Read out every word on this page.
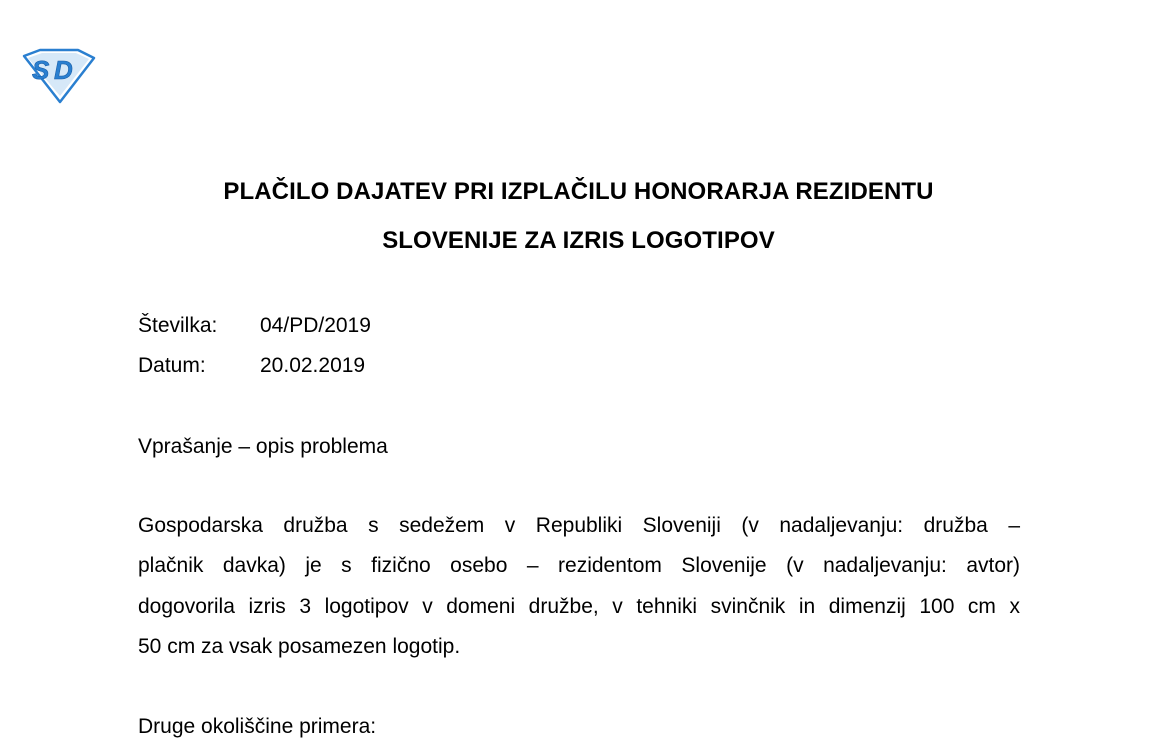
S D
PLAČILO DAJATEV PRI IZPLAČILU HONORARJA REZIDENTU
SLOVENIJE ZA IZRIS LOGOTIPOV
Številka: 04/PD/2019
Datum:	20.02.2019

Vprašanje – opis problema

Gospodarska družba s sedežem v Republiki Sloveniji (v nadaljevanju: družba –
plačnik davka) je s fizično osebo – rezidentom Slovenije (v nadaljevanju: avtor)
dogovorila izris 3 logotipov v domeni družbe, v tehniki svinčnik in dimenzij 100 cm x
50 cm za vsak posamezen logotip.

Druge okoliščine primera:
